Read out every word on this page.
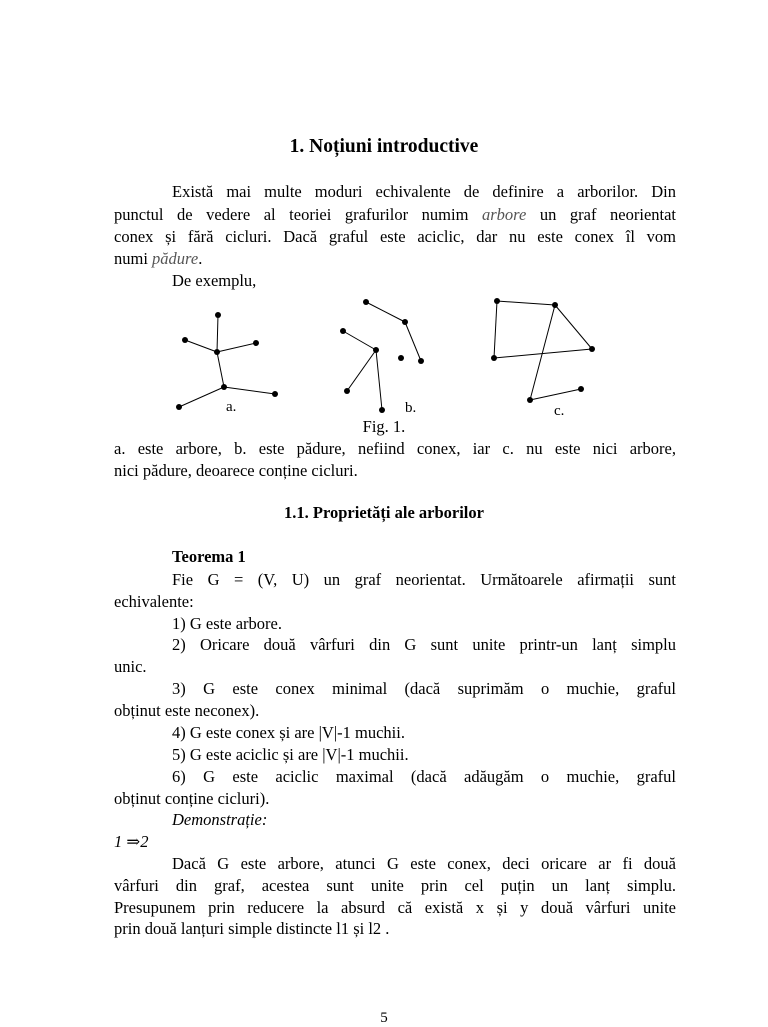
1. Noțiuni introductive
Există mai multe moduri echivalente de definire a arborilor. Din
punctul de vedere al teoriei grafurilor numim arbore un graf neorientat
conex și fără cicluri. Dacă graful este aciclic, dar nu este conex îl vom
numi pădure.
De exemplu,
a.	b.	c.
Fig. 1.
a. este arbore, b. este pădure, nefiind conex, iar c. nu este nici arbore,
nici pădure, deoarece conține cicluri.
1.1. Proprietăți ale arborilor
Teorema 1
Fie G = (V, U) un graf neorientat. Următoarele afirmații sunt
echivalente:
1) G este arbore.
2) Oricare două vârfuri din G sunt unite printr-un lanț simplu
unic.
3) G este conex minimal (dacă suprimăm o muchie, graful
obținut este neconex).
4) G este conex și are |V|-1 muchii.
5) G este aciclic și are |V|-1 muchii.
6) G este aciclic maximal (dacă adăugăm o muchie, graful
obținut conține cicluri).
Demonstrație:
1 ⇒2
Dacă G este arbore, atunci G este conex, deci oricare ar fi două
vârfuri din graf, acestea sunt unite prin cel puțin un lanț simplu.
Presupunem prin reducere la absurd că există x și y două vârfuri unite
prin două lanțuri simple distincte l1 și l2 .
5
